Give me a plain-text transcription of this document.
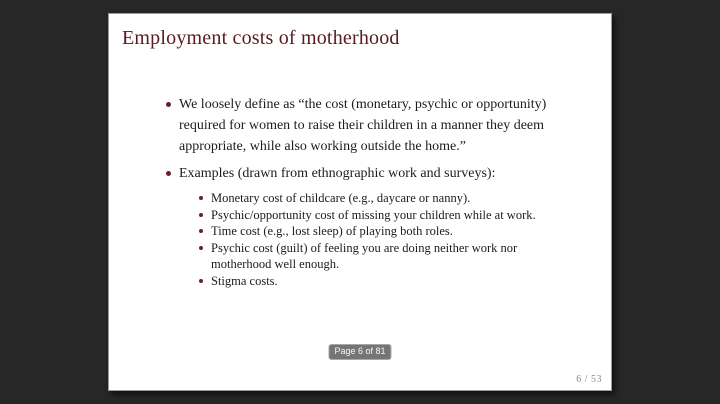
Employment costs of motherhood
We loosely define as “the cost (monetary, psychic or opportunity) required for women to raise their children in a manner they deem appropriate, while also working outside the home.”
Examples (drawn from ethnographic work and surveys):
Monetary cost of childcare (e.g., daycare or nanny).
Psychic/opportunity cost of missing your children while at work.
Time cost (e.g., lost sleep) of playing both roles.
Psychic cost (guilt) of feeling you are doing neither work nor motherhood well enough.
Stigma costs.
6 / 53
Page 6 of 81
